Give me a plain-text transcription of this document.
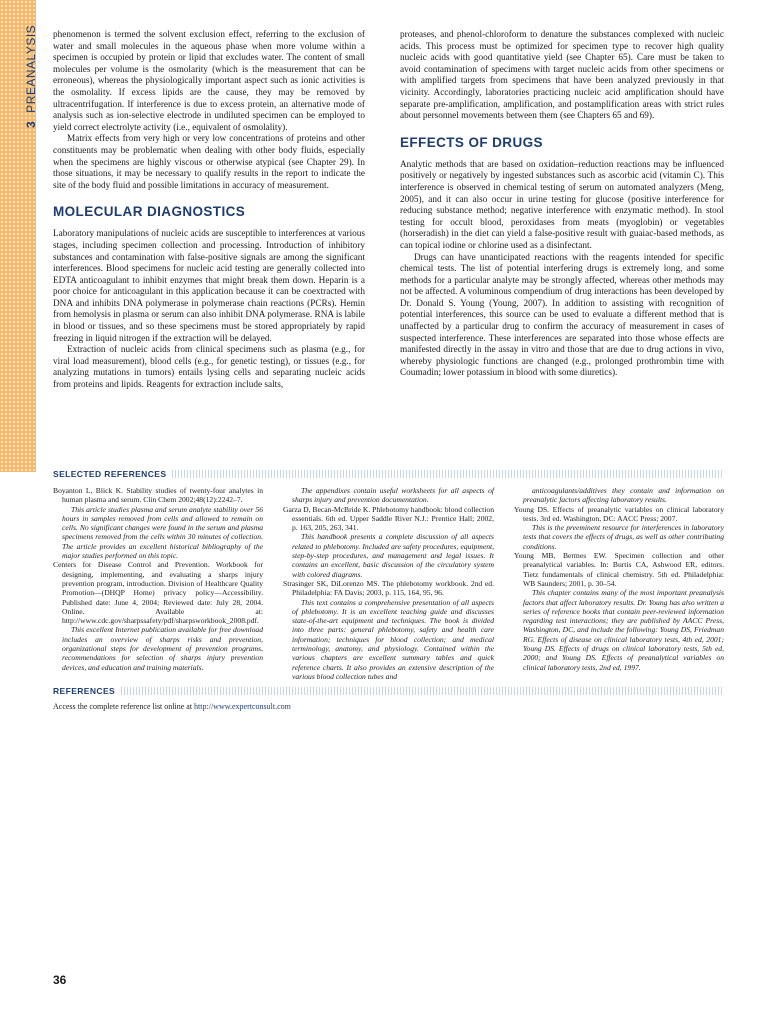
3PREANALYSIS phenomenon is termed the solvent exclusion effect, referring to the exclusion of water and small molecules in the aqueous phase when more volume within a specimen is occupied by protein or lipid that excludes water. The content of small molecules per volume is the osmolarity (which is the measurement that can be erroneous), whereas the physiologically important aspect such as ionic activities is the osmolality. If excess lipids are the cause, they may be removed by ultracentrifugation. If interference is due to excess protein, an alternative mode of analysis such as ion-selective electrode in undiluted specimen can be employed to yield correct electrolyte activity (i.e., equivalent of osmolality).

Matrix effects from very high or very low concentrations of proteins and other constituents may be problematic when dealing with other body fluids, especially when the specimens are highly viscous or otherwise atypical (see Chapter 29). In those situations, it may be necessary to qualify results in the report to indicate the site of the body fluid and possible limitations in accuracy of measurement.

MOLECULAR DIAGNOSTICS

Laboratory manipulations of nucleic acids are susceptible to interferences at various stages, including specimen collection and processing. Introduction of inhibitory substances and contamination with false-positive signals are among the significant interferences. Blood specimens for nucleic acid testing are generally collected into EDTA anticoagulant to inhibit enzymes that might break them down. Heparin is a poor choice for anticoagulant in this application because it can be coextracted with DNA and inhibits DNA polymerase in polymerase chain reactions (PCRs). Hemin from hemolysis in plasma or serum can also inhibit DNA polymerase. RNA is labile in blood or tissues, and so these specimens must be stored appropriately by rapid freezing in liquid nitrogen if the extraction will be delayed.

Extraction of nucleic acids from clinical specimens such as plasma (e.g., for viral load measurement), blood cells (e.g., for genetic testing), or tissues (e.g., for analyzing mutations in tumors) entails lysing cells and separating nucleic acids from proteins and lipids. Reagents for extraction include salts,

proteases, and phenol-chloroform to denature the substances complexed with nucleic acids. This process must be optimized for specimen type to recover high quality nucleic acids with good quantitative yield (see Chapter 65). Care must be taken to avoid contamination of specimens with target nucleic acids from other specimens or with amplified targets from specimens that have been analyzed previously in that vicinity. Accordingly, laboratories practicing nucleic acid amplification should have separate pre-amplification, amplification, and postamplification areas with strict rules about personnel movements between them (see Chapters 65 and 69).

EFFECTS OF DRUGS

Analytic methods that are based on oxidation–reduction reactions may be influenced positively or negatively by ingested substances such as ascorbic acid (vitamin C). This interference is observed in chemical testing of serum on automated analyzers (Meng, 2005), and it can also occur in urine testing for glucose (positive interference for reducing substance method; negative interference with enzymatic method). In stool testing for occult blood, peroxidases from meats (myoglobin) or vegetables (horseradish) in the diet can yield a false-positive result with guaiac-based methods, as can topical iodine or chlorine used as a disinfectant.

Drugs can have unanticipated reactions with the reagents intended for specific chemical tests. The list of potential interfering drugs is extremely long, and some methods for a particular analyte may be strongly affected, whereas other methods may not be affected. A voluminous compendium of drug interactions has been developed by Dr. Donald S. Young (Young, 2007). In addition to assisting with recognition of potential interferences, this source can be used to evaluate a different method that is unaffected by a particular drug to confirm the accuracy of measurement in cases of suspected interference. These interferences are separated into those whose effects are manifested directly in the assay in vitro and those that are due to drug actions in vivo, whereby physiologic functions are changed (e.g., prolonged prothrombin time with Coumadin; lower potassium in blood with some diuretics).

SELECTED REFERENCES

Boyanton L, Blick K. Stability studies of twenty-four analytes in human plasma and serum. Clin Chem 2002;48(12):2242–7.

This article studies plasma and serum analyte stability over 56 hours in samples removed from cells and allowed to remain on cells. No significant changes were found in the serum and plasma specimens removed from the cells within 30 minutes of collection. The article provides an excellent historical bibliography of the major studies performed on this topic.

Centers for Disease Control and Prevention. Workbook for designing, implementing, and evaluating a sharps injury prevention program, introduction. Division of Healthcare Quality Promotion—(DHQP Home) privacy policy—Accessibility. Published date: June 4, 2004; Reviewed date: July 28, 2004. Online. Available at: http://www.cdc.gov/sharpssafety/pdf/sharpsworkbook_2008.pdf.

This excellent Internet publication available for free download includes an overview of sharps risks and prevention, organizational steps for development of prevention programs, recommendations for selection of sharps injury prevention devices, and education and training materials.

The appendixes contain useful worksheets for all aspects of sharps injury and prevention documentation.

Garza D, Becan-McBride K. Phlebotomy handbook: blood collection essentials. 6th ed. Upper Saddle River N.J.: Prentice Hall; 2002, p. 163, 205, 263, 341.

This handbook presents a complete discussion of all aspects related to phlebotomy. Included are safety procedures, equipment, step-by-step procedures, and management and legal issues. It contains an excellent, basic discussion of the circulatory system with colored diagrams.

Strasinger SK, DiLorenzo MS. The phlebotomy workbook. 2nd ed. Philadelphia: FA Davis; 2003, p. 115, 164, 95, 96.

This text contains a comprehensive presentation of all aspects of phlebotomy. It is an excellent teaching guide and discusses state-of-the-art equipment and techniques. The book is divided into three parts: general phlebotomy, safety and health care information; techniques for blood collection; and medical terminology, anatomy, and physiology. Contained within the various chapters are excellent summary tables and quick reference charts. It also provides an extensive description of the various blood collection tubes and

anticoagulants/additives they contain and information on preanalytic factors affecting laboratory results.

Young DS. Effects of preanalytic variables on clinical laboratory tests. 3rd ed. Washington, DC: AACC Press; 2007.

This is the preeminent resource for interferences in laboratory tests that covers the effects of drugs, as well as other contributing conditions.

Young MB, Bermes EW. Specimen collection and other preanalytical variables. In: Burtis CA, Ashwood ER, editors. Tietz fundamentals of clinical chemistry. 5th ed. Philadelphia: WB Saunders; 2001, p. 30–54.

This chapter contains many of the most important preanalysis factors that affect laboratory results. Dr. Young has also written a series of reference books that contain peer-reviewed information regarding test interactions; they are published by AACC Press, Washington, DC, and include the following: Young DS, Friedman RG. Effects of disease on clinical laboratory tests, 4th ed, 2001; Young DS. Effects of drugs on clinical laboratory tests, 5th ed, 2000; and Young DS. Effects of preanalytical variables on clinical laboratory tests, 2nd ed, 1997.

REFERENCES
Access the complete reference list online at http://www.expertconsult.com
36
